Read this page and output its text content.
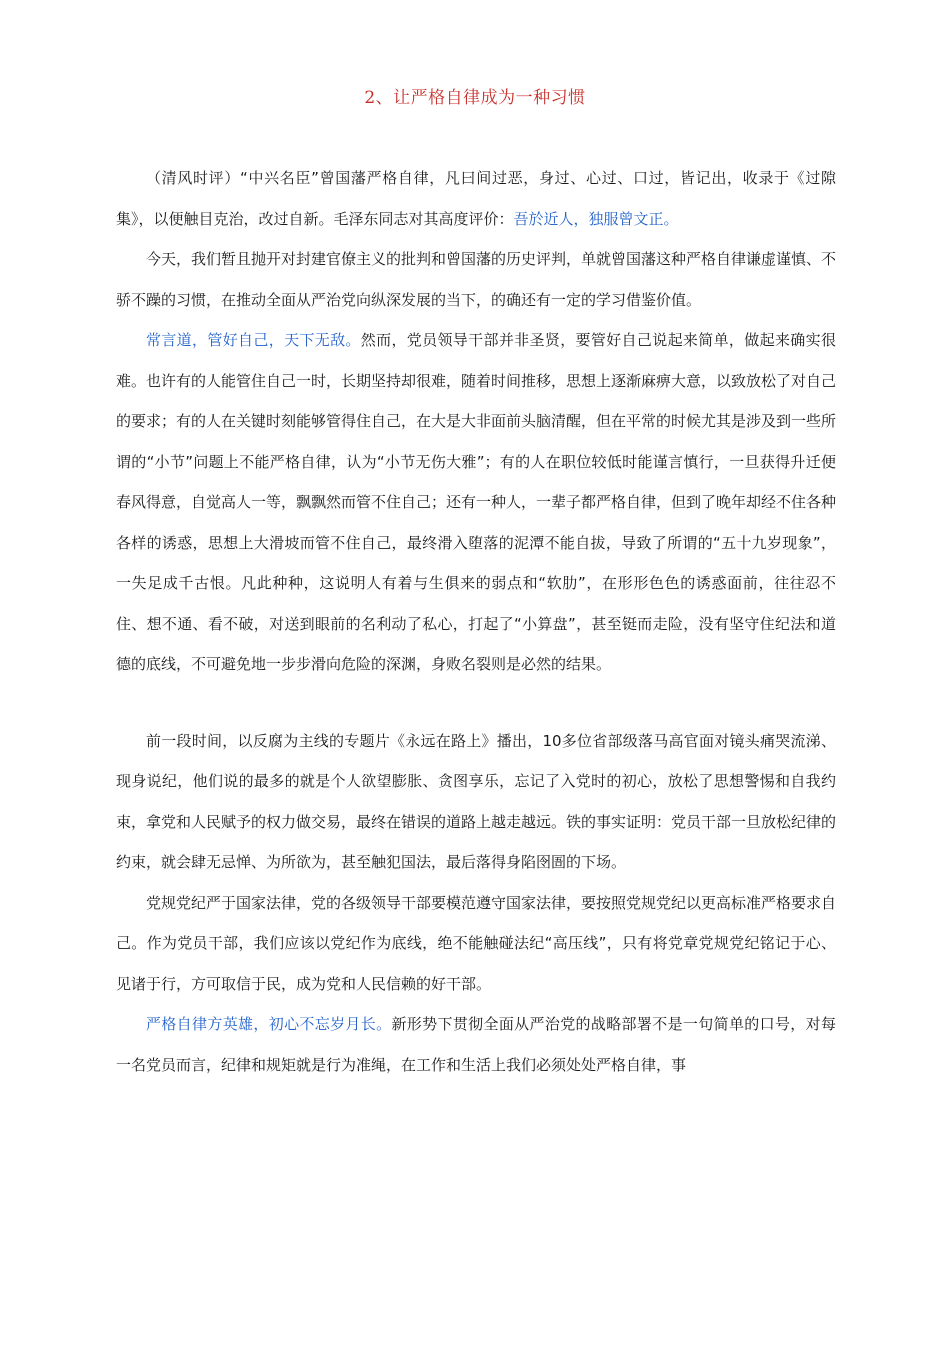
2、让严格自律成为一种习惯

（清风时评）“中兴名臣”曾国藩严格自律，凡曰间过恶，身过、心过、口过，皆记出，收录于《过隙集》，以便触目克治，改过自新。毛泽东同志对其高度评价：吾於近人，独服曾文正。

今天，我们暂且抛开对封建官僚主义的批判和曾国藩的历史评判，单就曾国藩这种严格自律谦虚谨慎、不骄不躁的习惯，在推动全面从严治党向纵深发展的当下，的确还有一定的学习借鉴价值。

常言道，管好自己，天下无敌。然而，党员领导干部并非圣贤，要管好自己说起来简单，做起来确实很难。也许有的人能管住自己一时，长期坚持却很难，随着时间推移，思想上逐渐麻痹大意，以致放松了对自己的要求；有的人在关键时刻能够管得住自己，在大是大非面前头脑清醒，但在平常的时候尤其是涉及到一些所谓的“小节”问题上不能严格自律，认为“小节无伤大雅”；有的人在职位较低时能谨言慎行，一旦获得升迁便春风得意，自觉高人一等，飘飘然而管不住自己；还有一种人，一辈子都严格自律，但到了晚年却经不住各种各样的诱惑，思想上大滑坡而管不住自己，最终滑入堕落的泥潭不能自拔，导致了所谓的“五十九岁现象”，一失足成千古恨。凡此种种，这说明人有着与生俱来的弱点和“软肋”，在形形色色的诱惑面前，往往忍不住、想不通、看不破，对送到眼前的名利动了私心，打起了“小算盘”，甚至铤而走险，没有坚守住纪法和道德的底线，不可避免地一步步滑向危险的深渊，身败名裂则是必然的结果。

前一段时间，以反腐为主线的专题片《永远在路上》播出，10多位省部级落马高官面对镜头痛哭流涕、现身说纪，他们说的最多的就是个人欲望膨胀、贪图享乐，忘记了入党时的初心，放松了思想警惕和自我约束，拿党和人民赋予的权力做交易，最终在错误的道路上越走越远。铁的事实证明：党员干部一旦放松纪律的约束，就会肆无忌惮、为所欲为，甚至触犯国法，最后落得身陷囹圄的下场。

党规党纪严于国家法律，党的各级领导干部要模范遵守国家法律，要按照党规党纪以更高标准严格要求自己。作为党员干部，我们应该以党纪作为底线，绝不能触碰法纪“高压线”，只有将党章党规党纪铭记于心、见诸于行，方可取信于民，成为党和人民信赖的好干部。

严格自律方英雄，初心不忘岁月长。新形势下贯彻全面从严治党的战略部署不是一句简单的口号，对每一名党员而言，纪律和规矩就是行为准绳，在工作和生活上我们必须处处严格自律，事
